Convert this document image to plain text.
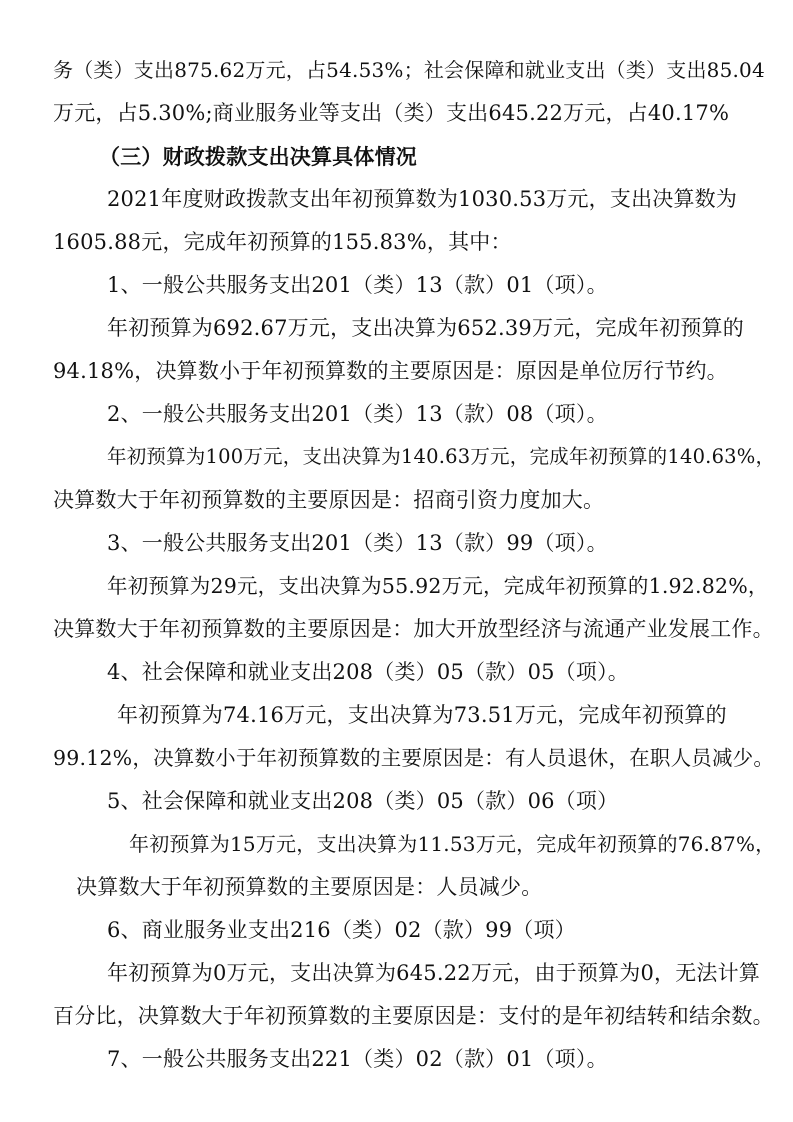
务（类）支出875.62万元，占54.53%；社会保障和就业支出（类）支出85.04
万元，占5.30%;商业服务业等支出（类）支出645.22万元，占40.17%
（三）财政拨款支出决算具体情况
2021年度财政拨款支出年初预算数为1030.53万元，支出决算数为
1605.88元，完成年初预算的155.83%，其中：
1、一般公共服务支出201（类）13（款）01（项）。
年初预算为692.67万元，支出决算为652.39万元，完成年初预算的
94.18%，决算数小于年初预算数的主要原因是：原因是单位厉行节约。
2、一般公共服务支出201（类）13（款）08（项）。
年初预算为100万元，支出决算为140.63万元，完成年初预算的140.63%，
决算数大于年初预算数的主要原因是：招商引资力度加大。
3、一般公共服务支出201（类）13（款）99（项）。
年初预算为29元，支出决算为55.92万元，完成年初预算的1.92.82%，
决算数大于年初预算数的主要原因是：加大开放型经济与流通产业发展工作。
4、社会保障和就业支出208（类）05（款）05（项）。
年初预算为74.16万元，支出决算为73.51万元，完成年初预算的
99.12%，决算数小于年初预算数的主要原因是：有人员退休，在职人员减少。
5、社会保障和就业支出208（类）05（款）06（项）
年初预算为15万元，支出决算为11.53万元，完成年初预算的76.87%，
决算数大于年初预算数的主要原因是：人员减少。
6、商业服务业支出216（类）02（款）99（项）
年初预算为0万元，支出决算为645.22万元，由于预算为0，无法计算
百分比，决算数大于年初预算数的主要原因是：支付的是年初结转和结余数。
7、一般公共服务支出221（类）02（款）01（项）。
